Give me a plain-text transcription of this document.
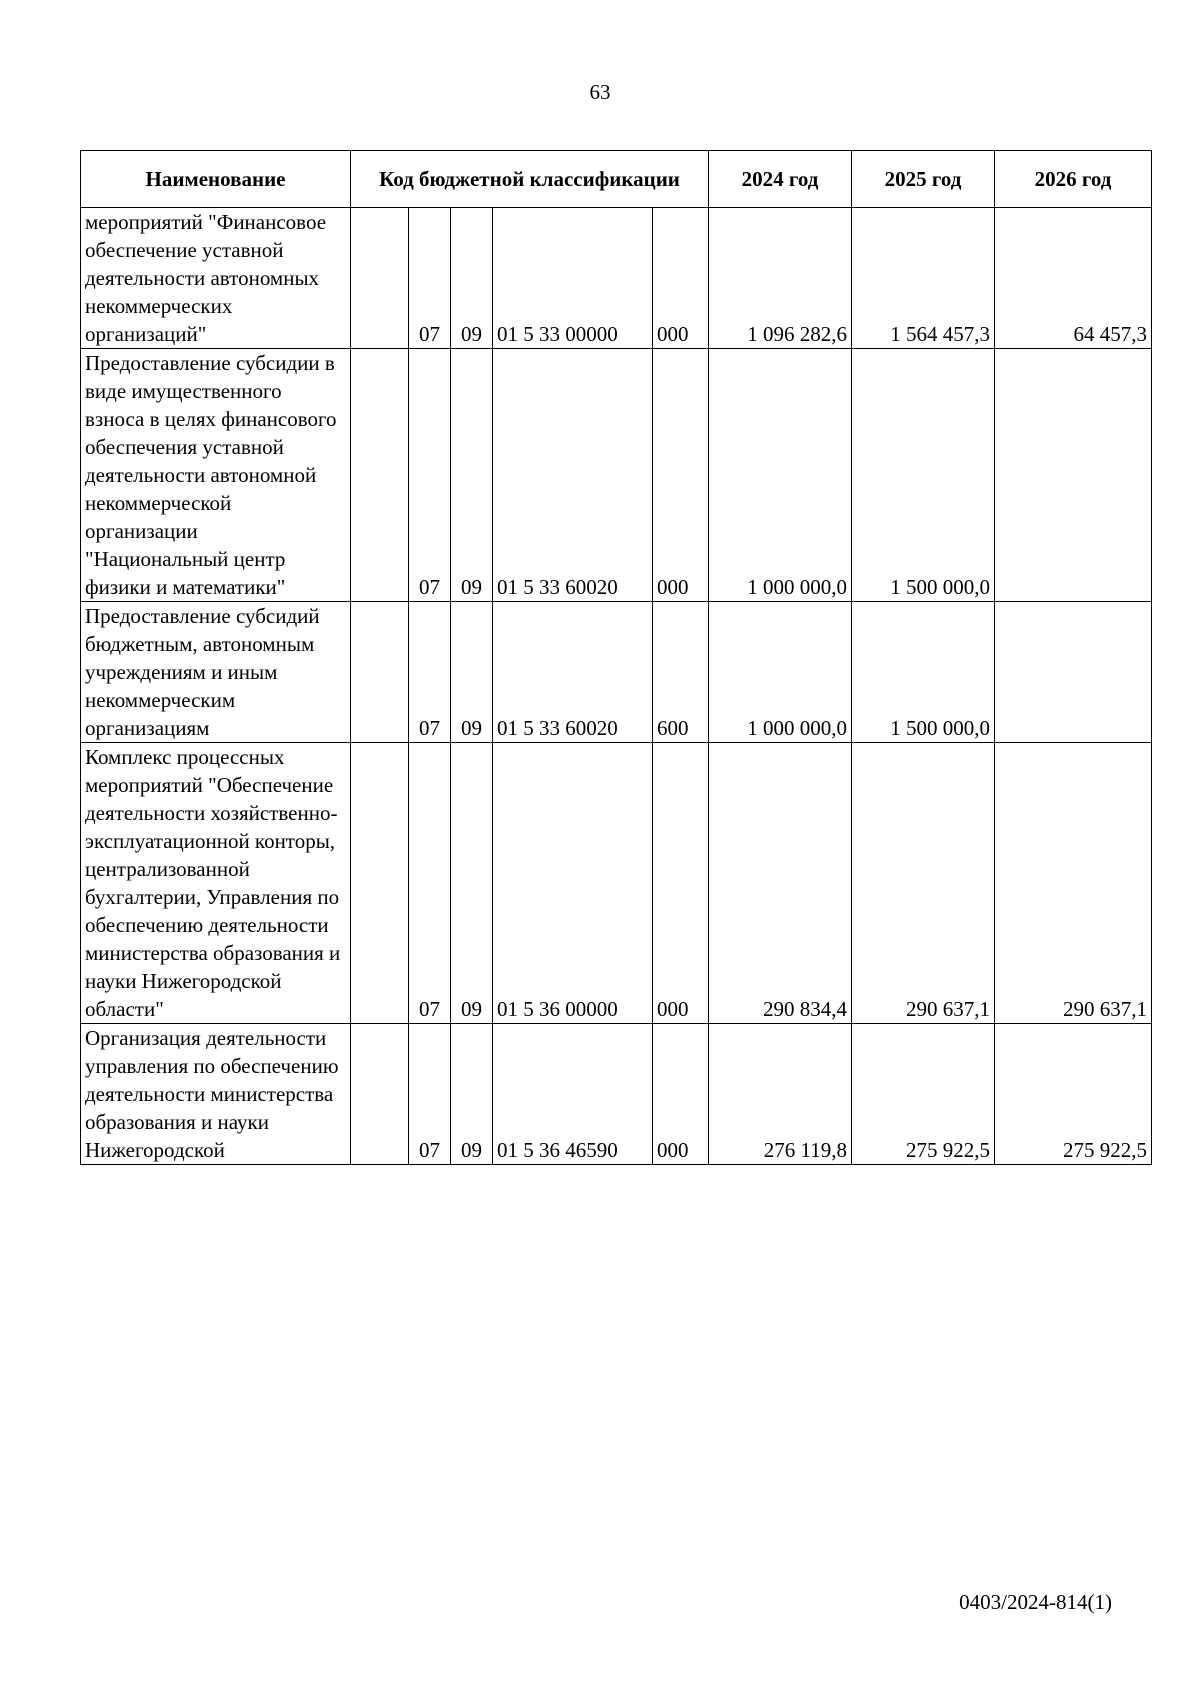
63
Наименование	Код бюджетной классификации					2024 год	2025 год	2026 год
мероприятий "Финансовое обеспечение уставной деятельности автономных некоммерческих организаций"		07	09	01 5 33 00000	000	1 096 282,6	1 564 457,3	64 457,3
Предоставление субсидии в виде имущественного взноса в целях финансового обеспечения уставной деятельности автономной некоммерческой организации "Национальный центр физики и математики"		07	09	01 5 33 60020	000	1 000 000,0	1 500 000,0	
Предоставление субсидий бюджетным, автономным учреждениям и иным некоммерческим организациям		07	09	01 5 33 60020	600	1 000 000,0	1 500 000,0	
Комплекс процессных мероприятий "Обеспечение деятельности хозяйственно-эксплуатационной конторы, централизованной бухгалтерии, Управления по обеспечению деятельности министерства образования и науки Нижегородской области"		07	09	01 5 36 00000	000	290 834,4	290 637,1	290 637,1
Организация деятельности управления по обеспечению деятельности министерства образования и науки Нижегородской		07	09	01 5 36 46590	000	276 119,8	275 922,5	275 922,5
0403/2024-814(1)
